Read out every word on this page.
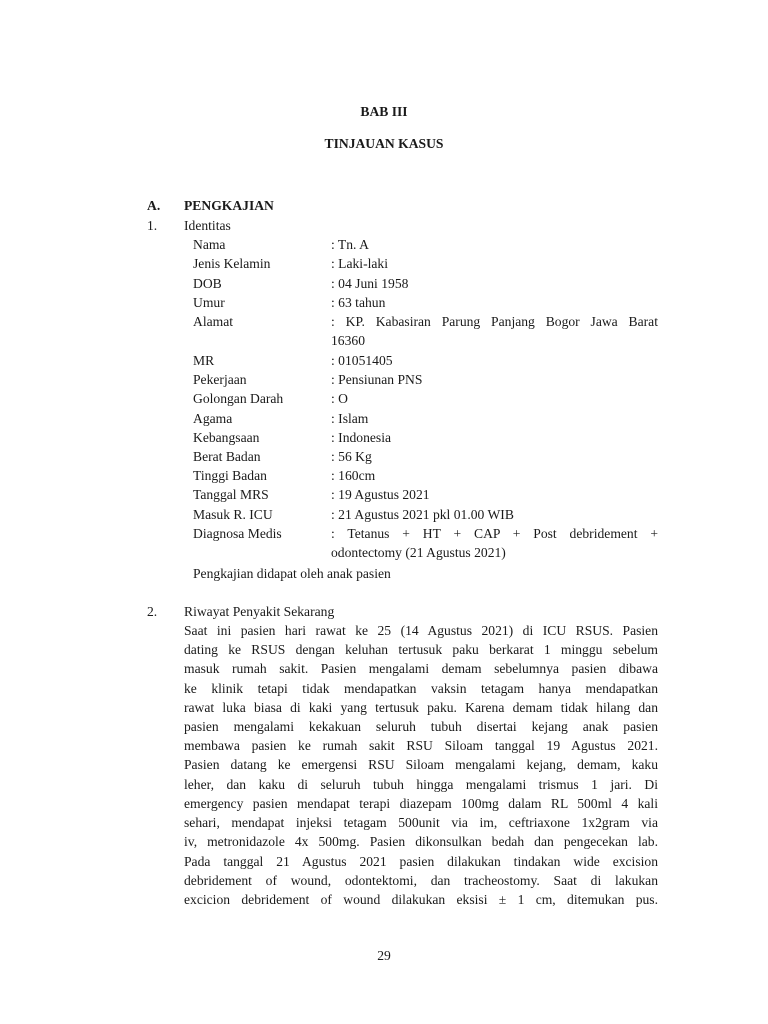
BAB III
TINJAUAN KASUS
A. PENGKAJIAN
1. Identitas
Nama	: Tn. A
Jenis Kelamin	: Laki-laki
DOB	: 04 Juni 1958
Umur	: 63 tahun
Alamat	: KP. Kabasiran Parung Panjang Bogor Jawa Barat
16360
MR	: 01051405
Pekerjaan	: Pensiunan PNS
Golongan Darah	: O
Agama	: Islam
Kebangsaan	: Indonesia
Berat Badan	: 56 Kg
Tinggi Badan	: 160cm
Tanggal MRS	: 19 Agustus 2021
Masuk R. ICU	: 21 Agustus 2021 pkl 01.00 WIB
Diagnosa Medis	: Tetanus + HT + CAP + Post debridement +
odontectomy (21 Agustus 2021)
Pengkajian didapat oleh anak pasien
2. Riwayat Penyakit Sekarang
Saat ini pasien hari rawat ke 25 (14 Agustus 2021) di ICU RSUS. Pasien
dating ke RSUS dengan keluhan tertusuk paku berkarat 1 minggu sebelum
masuk rumah sakit. Pasien mengalami demam sebelumnya pasien dibawa
ke klinik tetapi tidak mendapatkan vaksin tetagam hanya mendapatkan
rawat luka biasa di kaki yang tertusuk paku. Karena demam tidak hilang dan
pasien mengalami kekakuan seluruh tubuh disertai kejang anak pasien
membawa pasien ke rumah sakit RSU Siloam tanggal 19 Agustus 2021.
Pasien datang ke emergensi RSU Siloam mengalami kejang, demam, kaku
leher, dan kaku di seluruh tubuh hingga mengalami trismus 1 jari. Di
emergency pasien mendapat terapi diazepam 100mg dalam RL 500ml 4 kali
sehari, mendapat injeksi tetagam 500unit via im, ceftriaxone 1x2gram via
iv, metronidazole 4x 500mg. Pasien dikonsulkan bedah dan pengecekan lab.
Pada tanggal 21 Agustus 2021 pasien dilakukan tindakan wide excision
debridement of wound, odontektomi, dan tracheostomy. Saat di lakukan
excicion debridement of wound dilakukan eksisi ± 1 cm, ditemukan pus.
29
